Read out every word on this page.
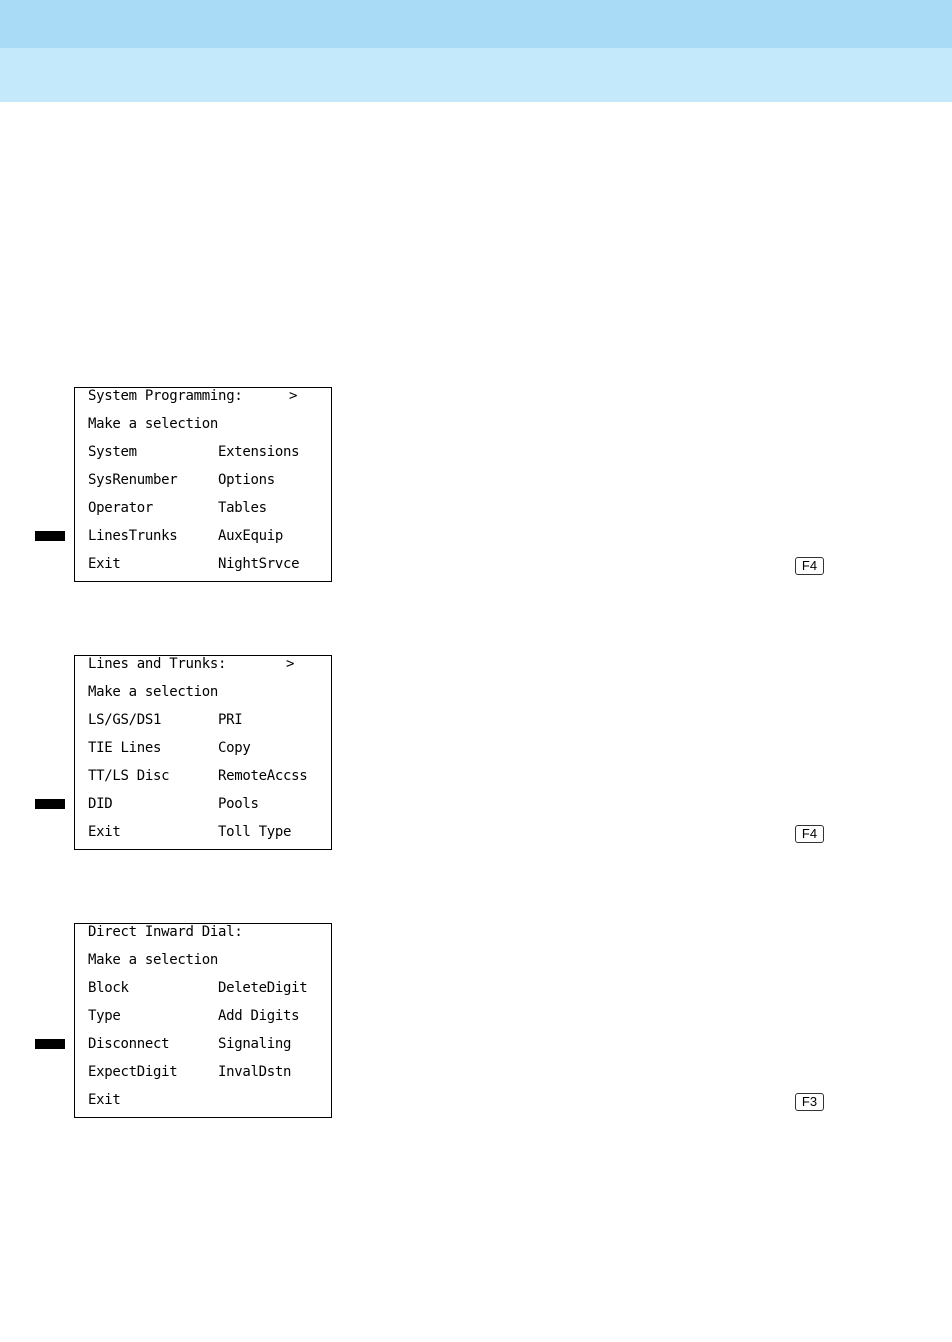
System Programming:	>
Make a selection
System	Extensions
SysRenumber	Options
Operator	Tables
LinesTrunks	AuxEquip
Exit	NightSrvce	F4
Lines and Trunks:	>
Make a selection
LS/GS/DS1	PRI
TIE Lines	Copy
TT/LS Disc	RemoteAccss
DID	Pools
Exit	Toll Type	F4
Direct Inward Dial:
Make a selection
Block	DeleteDigit
Type	Add Digits
Disconnect	Signaling
ExpectDigit	InvalDstn
Exit	F3
